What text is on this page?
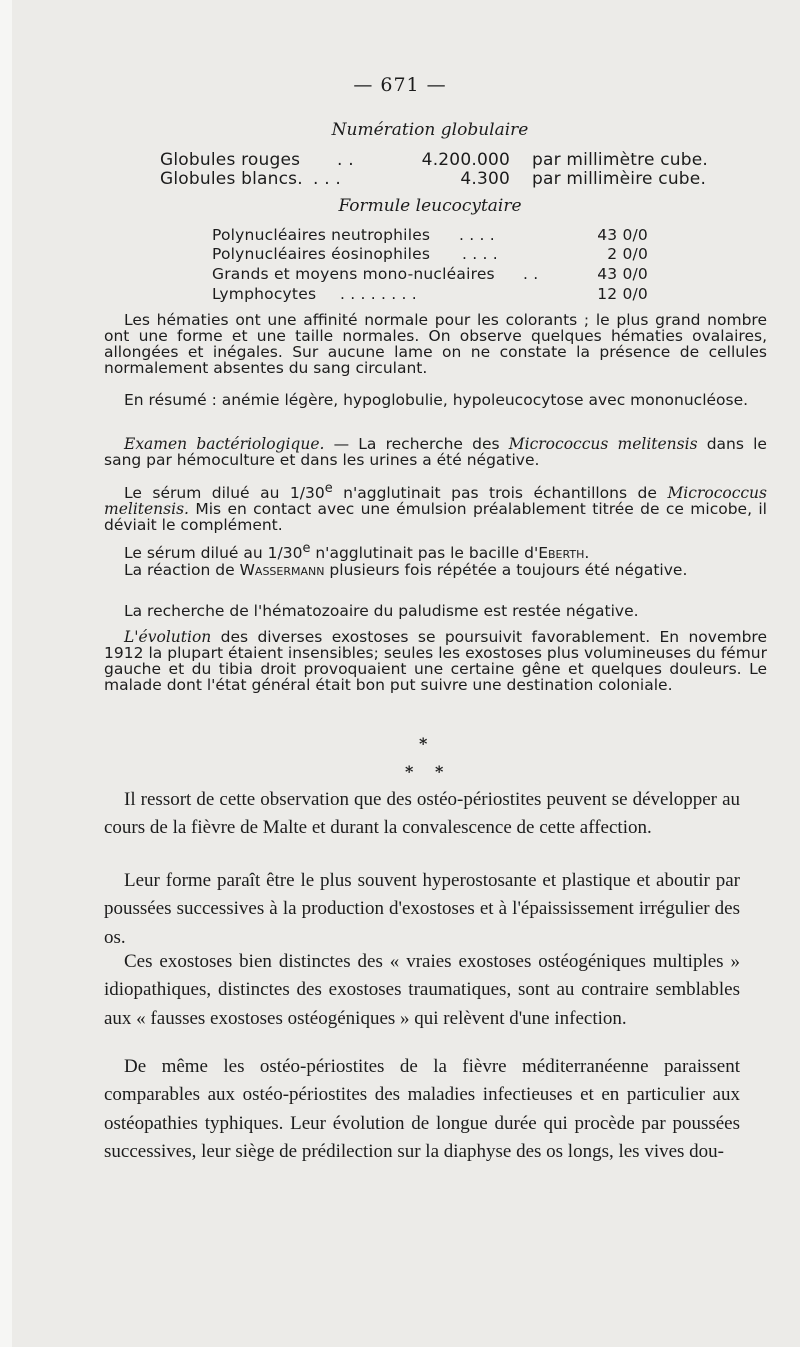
— 671 —
Numération globulaire
Globules rouges . .	4.200.000 par millimètre cube.
Globules blancs. . . .	4.300 par millimèire cube.
Formule leucocytaire
Polynucléaires neutrophiles . . . .	43 0/0
Polynucléaires éosinophiles . . . .	2 0/0
Grands et moyens mono-nucléaires . .	43 0/0
Lymphocytes . . . . . . . .	12 0/0
Les hématies ont une affinité normale pour les colorants ; le plus grand nombre ont une forme et une taille normales. On observe quelques hématies ovalaires, allongées et inégales. Sur aucune lame on ne constate la présence de cellules normalement absentes du sang circulant.
En résumé : anémie légère, hypoglobulie, hypoleucocytose avec mononucléose.
Examen bactériologique. — La recherche des Micrococcus melitensis dans le sang par hémoculture et dans les urines a été négative.
Le sérum dilué au 1/30e n'agglutinait pas trois échantillons de Micrococcus melitensis. Mis en contact avec une émulsion préalablement titrée de ce micobe, il déviait le complément.
Le sérum dilué au 1/30e n'agglutinait pas le bacille d'Eberth.
La réaction de Wassermann plusieurs fois répétée a toujours été négative.
La recherche de l'hématozoaire du paludisme est restée négative.
L'évolution des diverses exostoses se poursuivit favorablement. En novembre 1912 la plupart étaient insensibles; seules les exostoses plus volumineuses du fémur gauche et du tibia droit provoquaient une certaine gêne et quelques douleurs. Le malade dont l'état général était bon put suivre une destination coloniale.
*
* *
Il ressort de cette observation que des ostéo-périostites peuvent se développer au cours de la fièvre de Malte et durant la convalescence de cette affection.
Leur forme paraît être le plus souvent hyperostosante et plastique et aboutir par poussées successives à la production d'exostoses et à l'épaississement irrégulier des os.
Ces exostoses bien distinctes des « vraies exostoses ostéogéniques multiples » idiopathiques, distinctes des exostoses traumatiques, sont au contraire semblables aux « fausses exostoses ostéogéniques » qui relèvent d'une infection.
De même les ostéo-périostites de la fièvre méditerranéenne paraissent comparables aux ostéo-périostites des maladies infectieuses et en particulier aux ostéopathies typhiques. Leur évolution de longue durée qui procède par poussées successives, leur siège de prédilection sur la diaphyse des os longs, les vives dou-
